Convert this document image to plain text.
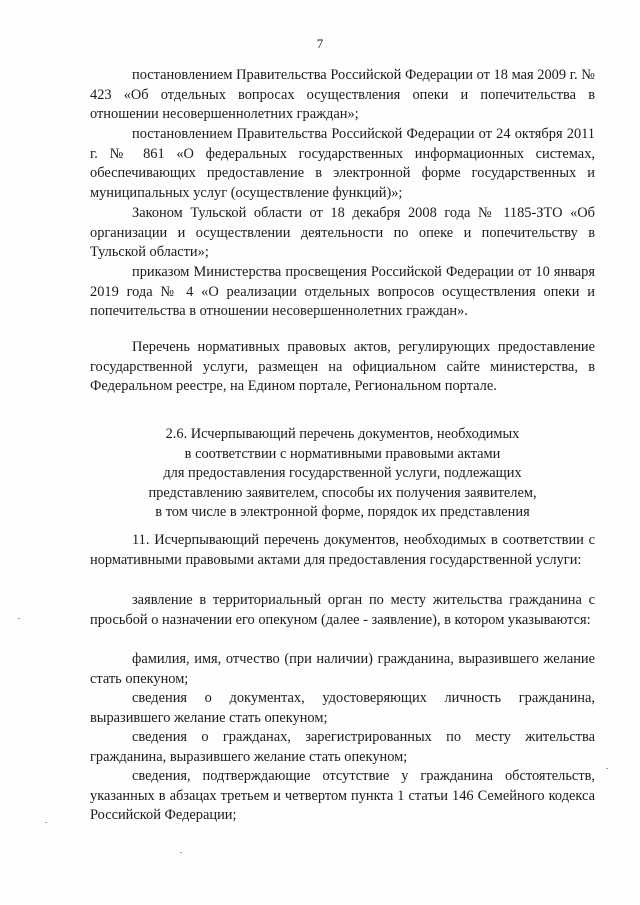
7

постановлением Правительства Российской Федерации от 18 мая 2009 г. № 423 «Об отдельных вопросах осуществления опеки и попечительства в отношении несовершеннолетних граждан»;

постановлением Правительства Российской Федерации от 24 октября 2011 г. № 861 «О федеральных государственных информационных системах, обеспечивающих предоставление в электронной форме государственных и муниципальных услуг (осуществление функций)»;

Законом Тульской области от 18 декабря 2008 года № 1185-ЗТО «Об организации и осуществлении деятельности по опеке и попечительству в Тульской области»;

приказом Министерства просвещения Российской Федерации от 10 января 2019 года № 4 «О реализации отдельных вопросов осуществления опеки и попечительства в отношении несовершеннолетних граждан».

Перечень нормативных правовых актов, регулирующих предоставление государственной услуги, размещен на официальном сайте министерства, в Федеральном реестре, на Едином портале, Региональном портале.

2.6. Исчерпывающий перечень документов, необходимых
в соответствии с нормативными правовыми актами
для предоставления государственной услуги, подлежащих
представлению заявителем, способы их получения заявителем,
в том числе в электронной форме, порядок их представления

11. Исчерпывающий перечень документов, необходимых в соответствии с нормативными правовыми актами для предоставления государственной услуги:

заявление в территориальный орган по месту жительства гражданина с просьбой о назначении его опекуном (далее - заявление), в котором указываются:

фамилия, имя, отчество (при наличии) гражданина, выразившего желание стать опекуном;

сведения о документах, удостоверяющих личность гражданина, выразившего желание стать опекуном;

сведения о гражданах, зарегистрированных по месту жительства гражданина, выразившего желание стать опекуном;

сведения, подтверждающие отсутствие у гражданина обстоятельств, указанных в абзацах третьем и четвертом пункта 1 статьи 146 Семейного кодекса Российской Федерации;
